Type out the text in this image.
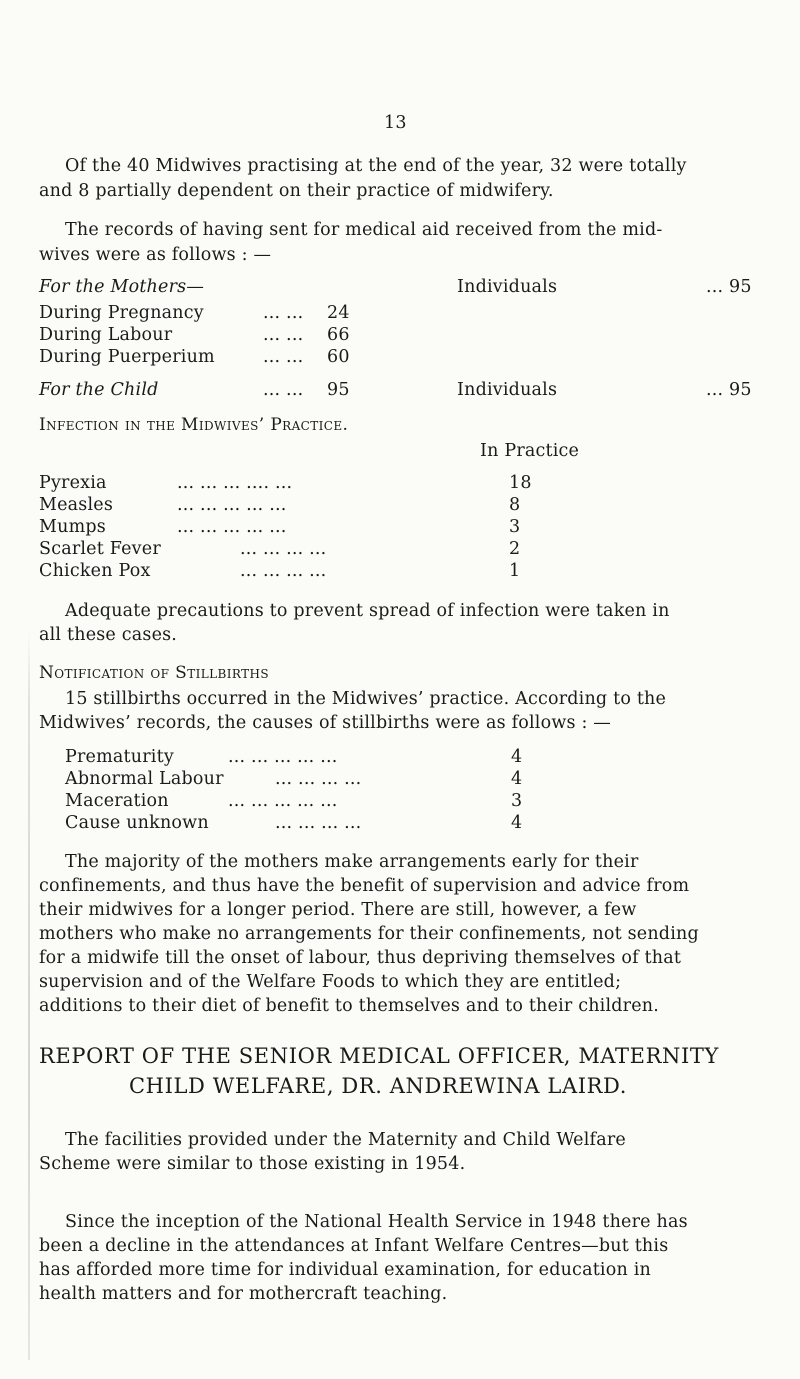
13
Of the 40 Midwives practising at the end of the year, 32 were totally
and 8 partially dependent on their practice of midwifery.
The records of having sent for medical aid received from the mid-
wives were as follows : —
For the Mothers—	Individuals	... 95
During Pregnancy	... ... 24
During Labour	... ... 66
During Puerperium	... ... 60
For the Child	... ... 95	Individuals	... 95
Infection in the Midwives’ Practice.
In Practice
Pyrexia	... ... ... .... ...	18
Measles	... ... ... ... ...	8
Mumps	... ... ... ... ...	3
Scarlet Fever	... ... ... ...	2
Chicken Pox	... ... ... ...	1
Adequate precautions to prevent spread of infection were taken in
all these cases.
Notification of Stillbirths
15 stillbirths occurred in the Midwives’ practice. According to the
Midwives’ records, the causes of stillbirths were as follows : —
Prematurity	... ... ... ... ...	4
Abnormal Labour	... ... ... ...	4
Maceration	... ... ... ... ...	3
Cause unknown	... ... ... ...	4
The majority of the mothers make arrangements early for their
confinements, and thus have the benefit of supervision and advice from
their midwives for a longer period. There are still, however, a few
mothers who make no arrangements for their confinements, not sending
for a midwife till the onset of labour, thus depriving themselves of that
supervision and of the Welfare Foods to which they are entitled;
additions to their diet of benefit to themselves and to their children.
REPORT OF THE SENIOR MEDICAL OFFICER, MATERNITY
CHILD WELFARE, DR. ANDREWINA LAIRD.
The facilities provided under the Maternity and Child Welfare
Scheme were similar to those existing in 1954.
Since the inception of the National Health Service in 1948 there has
been a decline in the attendances at Infant Welfare Centres—but this
has afforded more time for individual examination, for education in
health matters and for mothercraft teaching.
